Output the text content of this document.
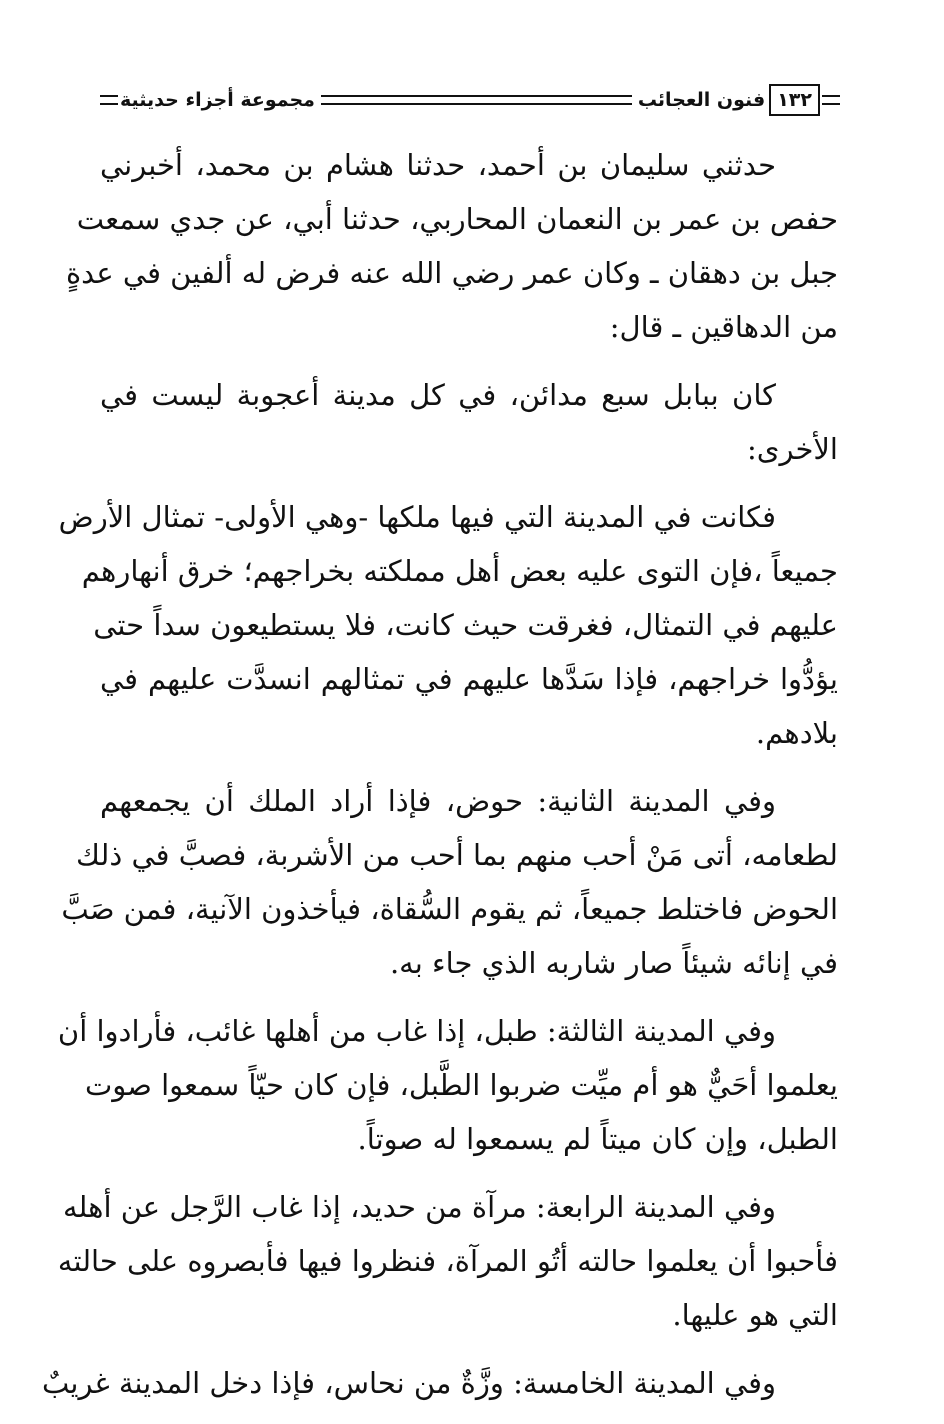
١٣٢
فنون العجائب
مجموعة أجزاء حديثية
حدثني سليمان بن أحمد، حدثنا هشام بن محمد، أخبرني
حفص بن عمر بن النعمان المحاربي، حدثنا أبي، عن جدي سمعت
جبل بن دهقان ـ وكان عمر رضي الله عنه فرض له ألفين في عدةٍ
من الدهاقين ـ قال:
كان ببابل سبع مدائن، في كل مدينة أعجوبة ليست في
الأخرى:
فكانت في المدينة التي فيها ملكها -وهي الأولى- تمثال الأرض
جميعاً ،فإن التوى عليه بعض أهل مملكته بخراجهم؛ خرق أنهارهم
عليهم في التمثال، فغرقت حيث كانت، فلا يستطيعون سداً حتى
يؤدُّوا خراجهم، فإذا سَدَّها عليهم في تمثالهم انسدَّت عليهم في
بلادهم.
وفي المدينة الثانية: حوض، فإذا أراد الملك أن يجمعهم
لطعامه، أتى مَنْ أحب منهم بما أحب من الأشربة، فصبَّ في ذلك
الحوض فاختلط جميعاً، ثم يقوم السُّقاة، فيأخذون الآنية، فمن صَبَّ
في إنائه شيئاً صار شاربه الذي جاء به.
وفي المدينة الثالثة: طبل، إذا غاب من أهلها غائب، فأرادوا أن
يعلموا أحَيٌّ هو أم ميِّت ضربوا الطَّبل، فإن كان حيّاً سمعوا صوت
الطبل، وإن كان ميتاً لم يسمعوا له صوتاً.
وفي المدينة الرابعة: مرآة من حديد، إذا غاب الرَّجل عن أهله
فأحبوا أن يعلموا حالته أتُو المرآة، فنظروا فيها فأبصروه على حالته
التي هو عليها.
وفي المدينة الخامسة: وزَّةٌ من نحاس، فإذا دخل المدينة غريبٌ
